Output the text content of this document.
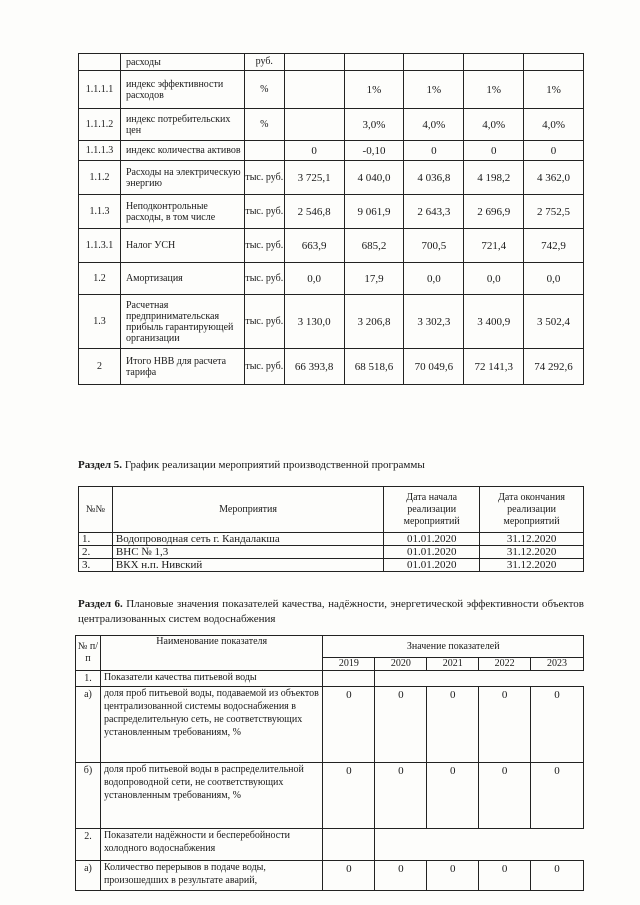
	расходы	руб.					
1.1.1.1	индекс эффективности расходов	%		1%	1%	1%	1%
1.1.1.2	индекс потребительских цен	%		3,0%	4,0%	4,0%	4,0%
1.1.1.3	индекс количества активов		0	-0,10	0	0	0
1.1.2	Расходы на электрическую энергию	тыс. руб.	3 725,1	4 040,0	4 036,8	4 198,2	4 362,0
1.1.3	Неподконтрольные расходы, в том числе	тыс. руб.	2 546,8	9 061,9	2 643,3	2 696,9	2 752,5
1.1.3.1	Налог УСН	тыс. руб.	663,9	685,2	700,5	721,4	742,9
1.2	Амортизация	тыс. руб.	0,0	17,9	0,0	0,0	0,0
1.3	Расчетная предпринимательская прибыль гарантирующей организации	тыс. руб.	3 130,0	3 206,8	3 302,3	3 400,9	3 502,4
2	Итого НВВ для расчета тарифа	тыс. руб.	66 393,8	68 518,6	70 049,6	72 141,3	74 292,6
Раздел 5. График реализации мероприятий производственной программы
№№	Мероприятия	Дата начала реализации мероприятий	Дата окончания реализации мероприятий
1.	Водопроводная сеть г. Кандалакша	01.01.2020	31.12.2020
2.	ВНС № 1,3	01.01.2020	31.12.2020
3.	ВКХ н.п. Нивский	01.01.2020	31.12.2020
Раздел 6. Плановые значения показателей качества, надёжности, энергетической эффективности объектов централизованных систем водоснабжения
№ п/п	Наименование показателя	Значение показателей				
		2019	2020	2021	2022	2023
1.	Показатели качества питьевой воды					
а)	доля проб питьевой воды, подаваемой из объектов централизованной системы водоснабжения в распределительную сеть, не соответствующих установленным требованиям, %	0	0	0	0	0
б)	доля проб питьевой воды в распределительной водопроводной сети, не соответствующих установленным требованиям, %	0	0	0	0	0
2.	Показатели надёжности и бесперебойности холодного водоснабжения					
а)	Количество перерывов в подаче воды, произошедших в результате аварий,	0	0	0	0	0
